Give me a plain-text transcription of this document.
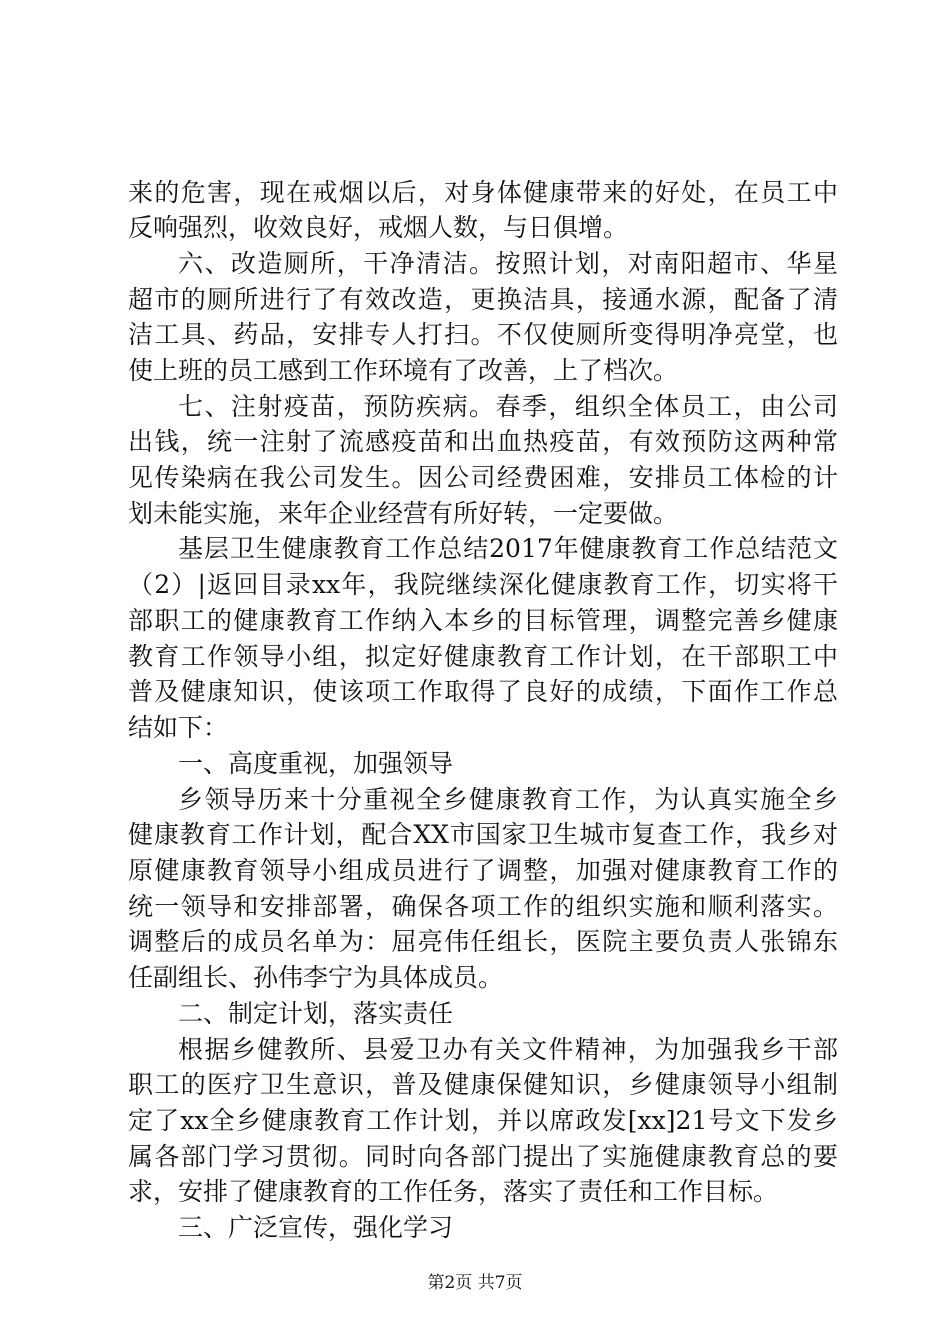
来的危害，现在戒烟以后，对身体健康带来的好处，在员工中
反响强烈，收效良好，戒烟人数，与日俱增。
六、改造厕所，干净清洁。按照计划，对南阳超市、华星
超市的厕所进行了有效改造，更换洁具，接通水源，配备了清
洁工具、药品，安排专人打扫。不仅使厕所变得明净亮堂，也
使上班的员工感到工作环境有了改善，上了档次。
七、注射疫苗，预防疾病。春季，组织全体员工，由公司
出钱，统一注射了流感疫苗和出血热疫苗，有效预防这两种常
见传染病在我公司发生。因公司经费困难，安排员工体检的计
划未能实施，来年企业经营有所好转，一定要做。
基层卫生健康教育工作总结2017年健康教育工作总结范文
（2）|返回目录xx年，我院继续深化健康教育工作，切实将干
部职工的健康教育工作纳入本乡的目标管理，调整完善乡健康
教育工作领导小组，拟定好健康教育工作计划，在干部职工中
普及健康知识，使该项工作取得了良好的成绩，下面作工作总
结如下：
一、高度重视，加强领导
乡领导历来十分重视全乡健康教育工作，为认真实施全乡
健康教育工作计划，配合XX市国家卫生城市复查工作，我乡对
原健康教育领导小组成员进行了调整，加强对健康教育工作的
统一领导和安排部署，确保各项工作的组织实施和顺利落实。
调整后的成员名单为：屈亮伟任组长，医院主要负责人张锦东
任副组长、孙伟李宁为具体成员。
二、制定计划，落实责任
根据乡健教所、县爱卫办有关文件精神，为加强我乡干部
职工的医疗卫生意识，普及健康保健知识，乡健康领导小组制
定了xx全乡健康教育工作计划，并以席政发[xx]21号文下发乡
属各部门学习贯彻。同时向各部门提出了实施健康教育总的要
求，安排了健康教育的工作任务，落实了责任和工作目标。
三、广泛宣传，强化学习
第2页 共7页
